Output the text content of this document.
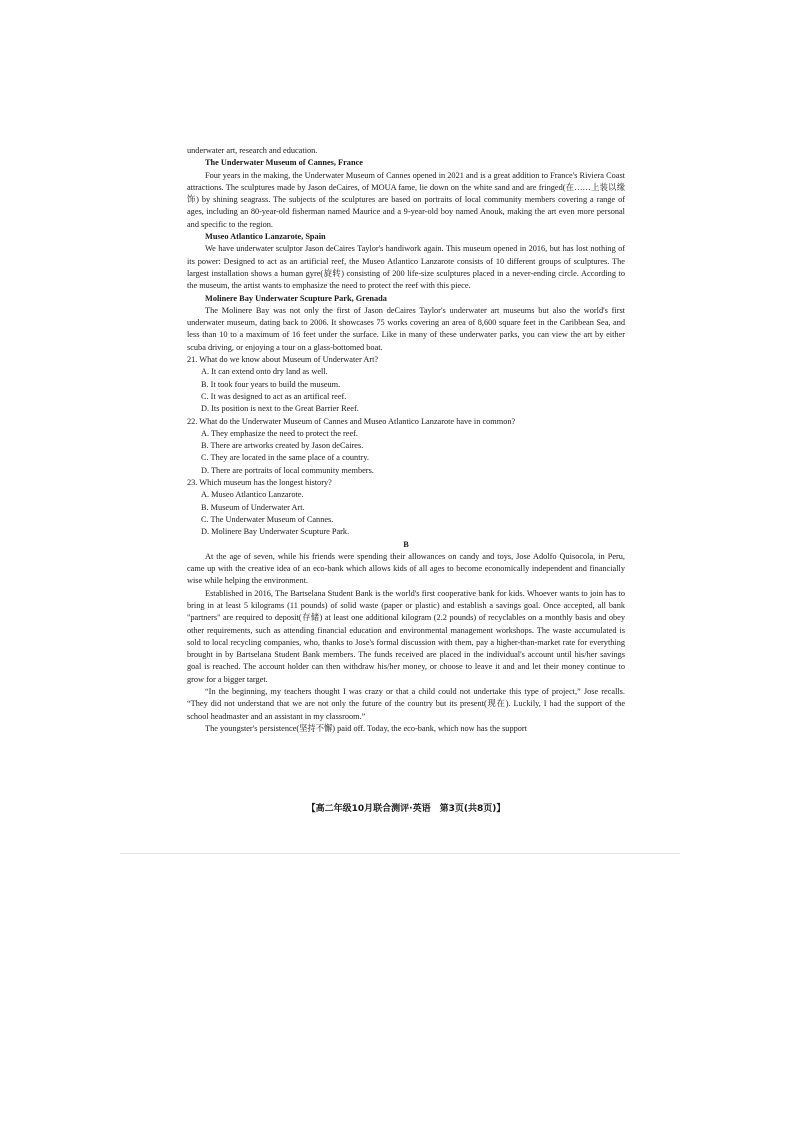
underwater art, research and education.

The Underwater Museum of Cannes, France

Four years in the making, the Underwater Museum of Cannes opened in 2021 and is a great addition to France's Riviera Coast attractions. The sculptures made by Jason deCaires, of MOUA fame, lie down on the white sand and are fringed(在……上装以缘饰) by shining seagrass. The subjects of the sculptures are based on portraits of local community members covering a range of ages, including an 80-year-old fisherman named Maurice and a 9-year-old boy named Anouk, making the art even more personal and specific to the region.

Museo Atlantico Lanzarote, Spain

We have underwater sculptor Jason deCaires Taylor's handiwork again. This museum opened in 2016, but has lost nothing of its power: Designed to act as an artificial reef, the Museo Atlantico Lanzarote consists of 10 different groups of sculptures. The largest installation shows a human gyre(旋转) consisting of 200 life-size sculptures placed in a never-ending circle. According to the museum, the artist wants to emphasize the need to protect the reef with this piece.

Molinere Bay Underwater Scupture Park, Grenada

The Molinere Bay was not only the first of Jason deCaires Taylor's underwater art museums but also the world's first underwater museum, dating back to 2006. It showcases 75 works covering an area of 8,600 square feet in the Caribbean Sea, and less than 10 to a maximum of 16 feet under the surface. Like in many of these underwater parks, you can view the art by either scuba driving, or enjoying a tour on a glass-bottomed boat.

21. What do we know about Museum of Underwater Art?

A. It can extend onto dry land as well.

B. It took four years to build the museum.

C. It was designed to act as an artifical reef.

D. Its position is next to the Great Barrier Reef.

22. What do the Underwater Museum of Cannes and Museo Atlantico Lanzarote have in common?

A. They emphasize the need to protect the reef.

B. There are artworks created by Jason deCaires.

C. They are located in the same place of a country.

D. There are portraits of local community members.

23. Which museum has the longest history?

A. Museo Atlantico Lanzarote.

B. Museum of Underwater Art.

C. The Underwater Museum of Cannes.

D. Molinere Bay Underwater Scupture Park.

B

At the age of seven, while his friends were spending their allowances on candy and toys, Jose Adolfo Quisocola, in Peru, came up with the creative idea of an eco-bank which allows kids of all ages to become economically independent and financially wise while helping the environment.

Established in 2016, The Bartselana Student Bank is the world's first cooperative bank for kids. Whoever wants to join has to bring in at least 5 kilograms (11 pounds) of solid waste (paper or plastic) and establish a savings goal. Once accepted, all bank "partners" are required to deposit(存储) at least one additional kilogram (2.2 pounds) of recyclables on a monthly basis and obey other requirements, such as attending financial education and environmental management workshops. The waste accumulated is sold to local recycling companies, who, thanks to Jose's formal discussion with them, pay a higher-than-market rate for everything brought in by Bartselana Student Bank members. The funds received are placed in the individual's account until his/her savings goal is reached. The account holder can then withdraw his/her money, or choose to leave it and and let their money continue to grow for a bigger target.

“In the beginning, my teachers thought I was crazy or that a child could not undertake this type of project,” Jose recalls. “They did not understand that we are not only the future of the country but its present(现在). Luckily, I had the support of the school headmaster and an assistant in my classroom.”

The youngster's persistence(坚持不懈) paid off. Today, the eco-bank, which now has the support

【高二年级10月联合测评·英语　第3页(共8页)】
